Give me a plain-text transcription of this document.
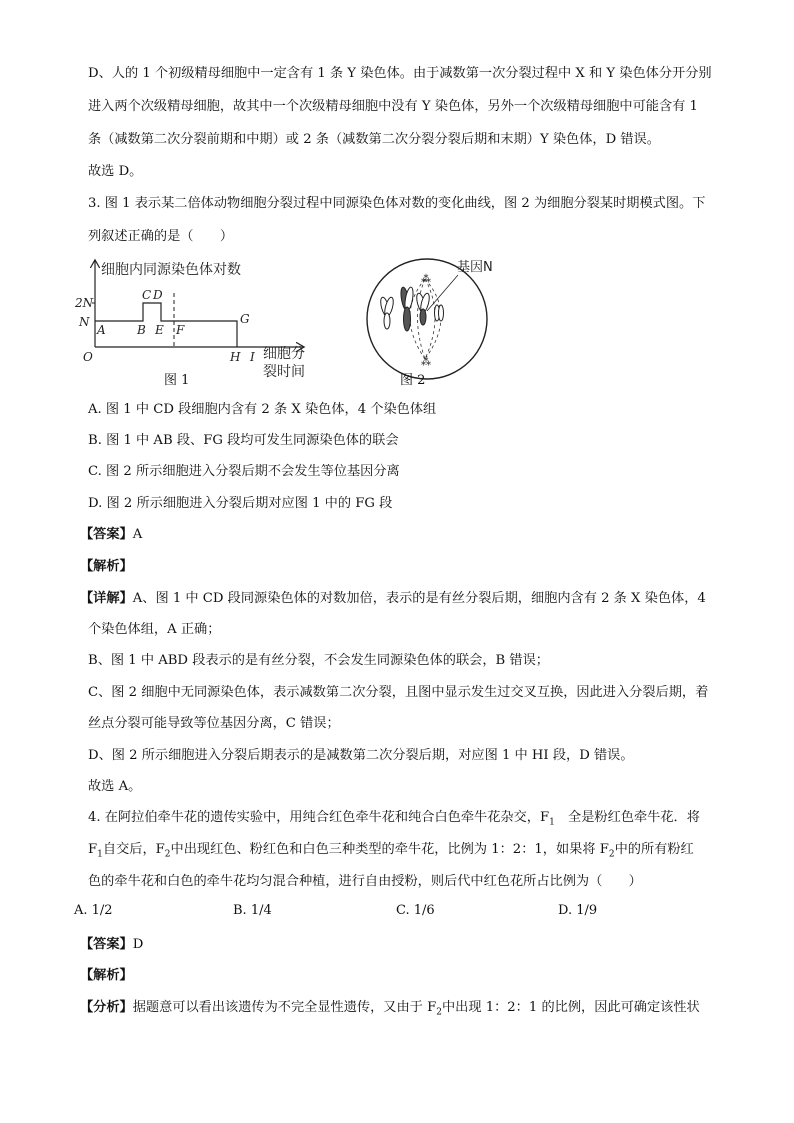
D、人的 1 个初级精母细胞中一定含有 1 条 Y 染色体。由于减数第一次分裂过程中 X 和 Y 染色体分开分别
进入两个次级精母细胞，故其中一个次级精母细胞中没有 Y 染色体，另外一个次级精母细胞中可能含有 1
条（减数第二次分裂前期和中期）或 2 条（减数第二次分裂分裂后期和末期）Y 染色体，D 错误。
故选 D。
3. 图 1 表示某二倍体动物细胞分裂过程中同源染色体对数的变化曲线，图 2 为细胞分裂某时期模式图。下
列叙述正确的是（　　）
细胞内同源染色体对数
N
2N
O
A	B
C D
E F
G
H I 细胞分
裂时间
图 1
⁂
⁂
基因N
图 2
A. 图 1 中 CD 段细胞内含有 2 条 X 染色体，4 个染色体组
B. 图 1 中 AB 段、FG 段均可发生同源染色体的联会
C. 图 2 所示细胞进入分裂后期不会发生等位基因分离
D. 图 2 所示细胞进入分裂后期对应图 1 中的 FG 段
【答案】A
【解析】
【详解】A、图 1 中 CD 段同源染色体的对数加倍，表示的是有丝分裂后期，细胞内含有 2 条 X 染色体，4
个染色体组，A 正确；
B、图 1 中 ABD 段表示的是有丝分裂，不会发生同源染色体的联会，B 错误；
C、图 2 细胞中无同源染色体，表示减数第二次分裂，且图中显示发生过交叉互换，因此进入分裂后期，着
丝点分裂可能导致等位基因分离，C 错误；
D、图 2 所示细胞进入分裂后期表示的是减数第二次分裂后期，对应图 1 中 HI 段，D 错误。
故选 A。
4. 在阿拉伯牵牛花的遗传实验中，用纯合红色牵牛花和纯合白色牵牛花杂交，$F_1$　全是粉红色牵牛花．将
$F_1$自交后，$F_2$中出现红色、粉红色和白色三种类型的牵牛花，比例为 1：2：1，如果将 $F_2$中的所有粉红
色的牵牛花和白色的牵牛花均匀混合种植，进行自由授粉，则后代中红色花所占比例为（　　）
A. 1/2	B. 1/4	C. 1/6	D. 1/9
【答案】D
【解析】
【分析】据题意可以看出该遗传为不完全显性遗传，又由于 $F_2$中出现 1：2：1 的比例，因此可确定该性状
